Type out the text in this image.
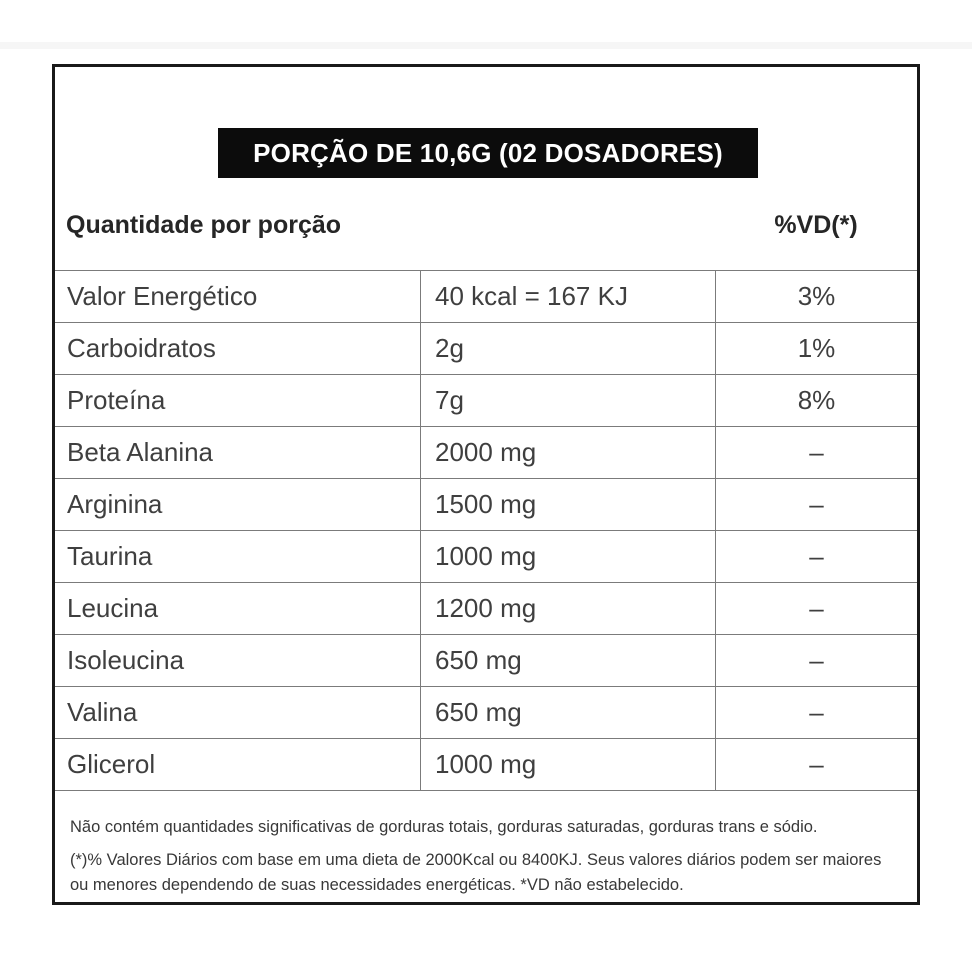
PORÇÃO DE 10,6G (02 DOSADORES)
Quantidade por porção	%VD(*)
Valor Energético	40 kcal = 167 KJ	3%
Carboidratos	2g	1%
Proteína	7g	8%
Beta Alanina	2000 mg	–
Arginina	1500 mg	–
Taurina	1000 mg	–
Leucina	1200 mg	–
Isoleucina	650 mg	–
Valina	650 mg	–
Glicerol	1000 mg	–

Não contém quantidades significativas de gorduras totais, gorduras saturadas, gorduras trans e sódio.

(*)% Valores Diários com base em uma dieta de 2000Kcal ou 8400KJ. Seus valores diários podem ser maiores ou menores dependendo de suas necessidades energéticas. *VD não estabelecido.
